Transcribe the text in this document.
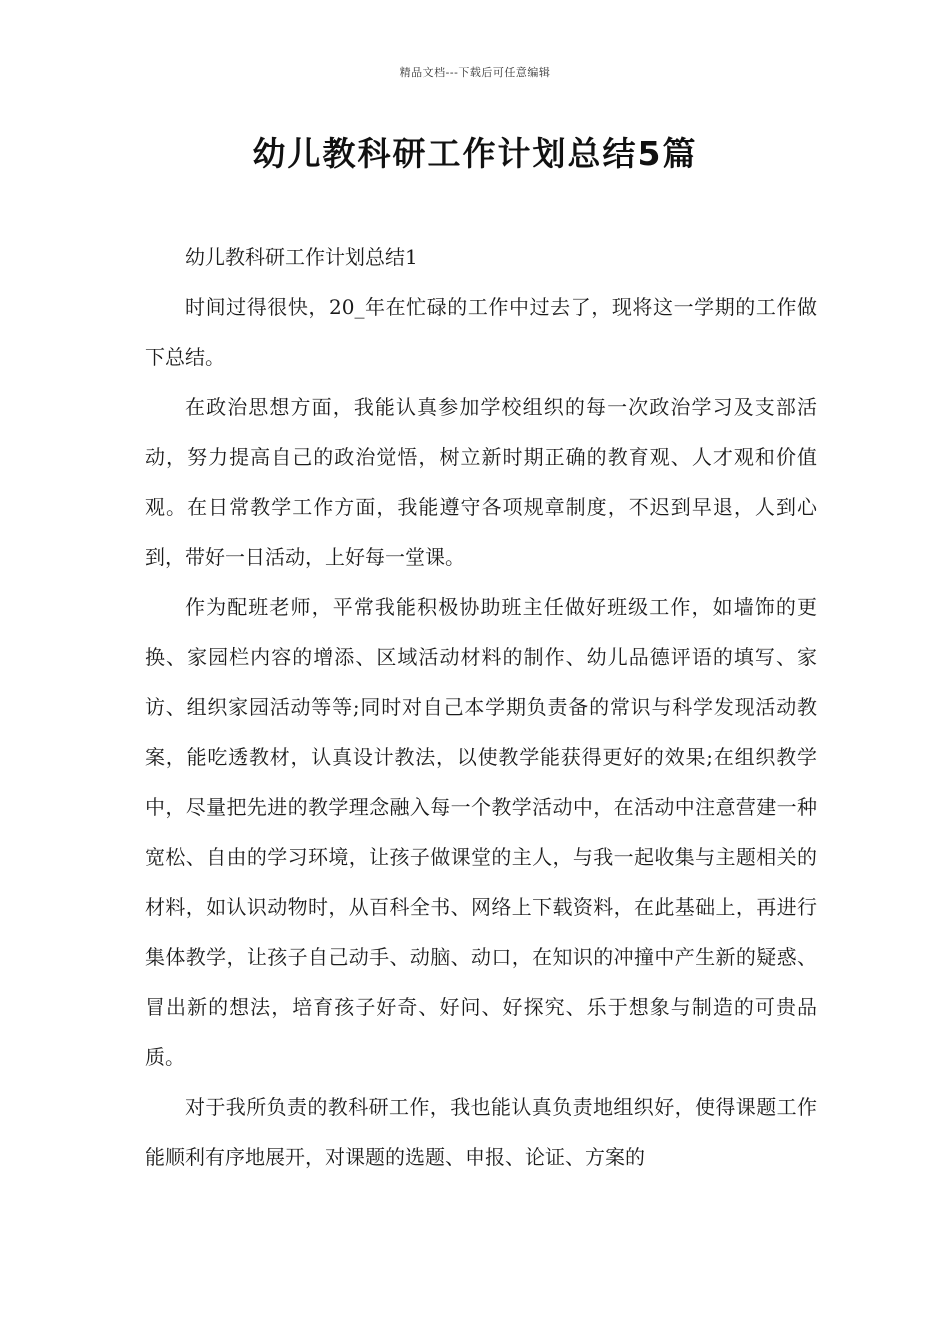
精品文档---下载后可任意编辑
幼儿教科研工作计划总结5篇

幼儿教科研工作计划总结1

时间过得很快，20_年在忙碌的工作中过去了，现将这一学期的工作做下总结。

在政治思想方面，我能认真参加学校组织的每一次政治学习及支部活动，努力提高自己的政治觉悟，树立新时期正确的教育观、人才观和价值观。在日常教学工作方面，我能遵守各项规章制度，不迟到早退，人到心到，带好一日活动，上好每一堂课。

作为配班老师，平常我能积极协助班主任做好班级工作，如墙饰的更换、家园栏内容的增添、区域活动材料的制作、幼儿品德评语的填写、家访、组织家园活动等等;同时对自己本学期负责备的常识与科学发现活动教案，能吃透教材，认真设计教法，以使教学能获得更好的效果;在组织教学中，尽量把先进的教学理念融入每一个教学活动中，在活动中注意营建一种宽松、自由的学习环境，让孩子做课堂的主人，与我一起收集与主题相关的材料，如认识动物时，从百科全书、网络上下载资料，在此基础上，再进行集体教学，让孩子自己动手、动脑、动口，在知识的冲撞中产生新的疑惑、冒出新的想法，培育孩子好奇、好问、好探究、乐于想象与制造的可贵品质。

对于我所负责的教科研工作，我也能认真负责地组织好，使得课题工作能顺利有序地展开，对课题的选题、申报、论证、方案的
